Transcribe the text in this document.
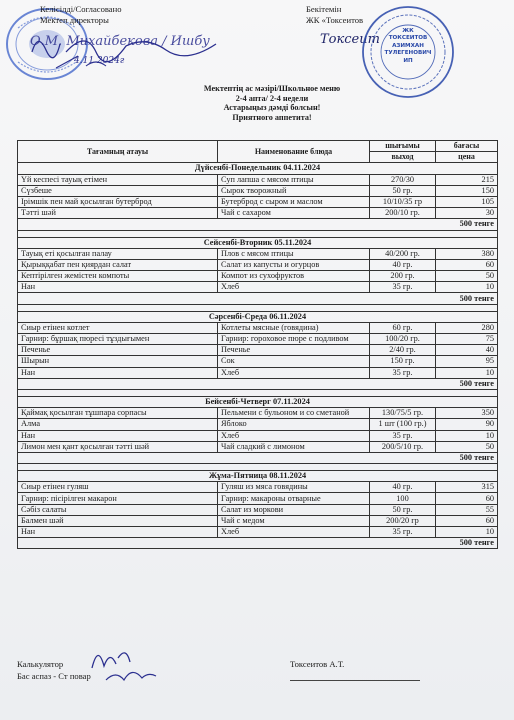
Келісілді/Согласовано
Мектеп директоры
О.М. Михайбекова / Ишбу
4.11 2024г
Бекітемін
ЖК «Токсеитов
Токсеит
ЖК
ТОКСЕИТОВ
АЗИМХАН
ТУЛЕГЕНОВИЧ
ИП
Мектептің ас мәзірі/Школьное меню
2-4 апта/ 2-4 недели
Астарыңыз дәмді болсын!
Приятного аппетита!
Тағамның атауы	Наименование блюда	шығымы	бағасы
		выход	цена
Дүйсенбі-Понедельник 04.11.2024			
Үй кеспесі тауық етімен	Суп лапша с мясом птицы	270/30	215
Сүзбеше	Сырок творожный	50 гр.	150
Ірімшік пен май қосылған бутерброд	Бутерброд с сыром и маслом	10/10/35 гр	105
Тәтті шәй	Чай с сахаром	200/10 гр.	30
500 тенге			

Сейсенбі-Вторник 05.11.2024			
Тауық еті қосылған палау	Плов с мясом птицы	40/200 гр.	380
Қырыққабат пен қиярдан салат	Салат из капусты и огурцов	40 гр.	60
Кептірілген жемістен компоты	Компот из сухофруктов	200 гр.	50
Нан	Хлеб	35 гр.	10
500 тенге			

Сәрсенбі-Среда 06.11.2024			
Сиыр етінен котлет	Котлеты мясные (говядина)	60 гр.	280
Гарнир: бұршақ пюресі тұздығымен	Гарнир: гороховое пюре с подливом	100/20 гр.	75
Печенье	Печенье	2/40 гр.	40
Шырын	Сок	150 гр.	95
Нан	Хлеб	35 гр.	10
500 тенге			

Бейсенбі-Четверг 07.11.2024			
Қаймақ қосылған тұшпара сорпасы	Пельмени с бульоном и со сметаной	130/75/5 гр.	350
Алма	Яблоко	1 шт (100 гр.)	90
Нан	Хлеб	35 гр.	10
Лимон мен қант қосылған тәтті шәй	Чай сладкий с лимоном	200/5/10 гр.	50
500 тенге			

Жұма-Пятница 08.11.2024			
Сиыр етінен гуляш	Гуляш из мяса говядины	40 гр.	315
Гарнир: пісірілген макарон	Гарнир: макароны отварные	100	60
Сәбіз салаты	Салат из моркови	50 гр.	55
Балмен шәй	Чай с медом	200/20 гр	60
Нан	Хлеб	35 гр.	10
500 тенге			
Калькулятор
Бас аспаз - Ст повар
Токсеитов А.Т.
